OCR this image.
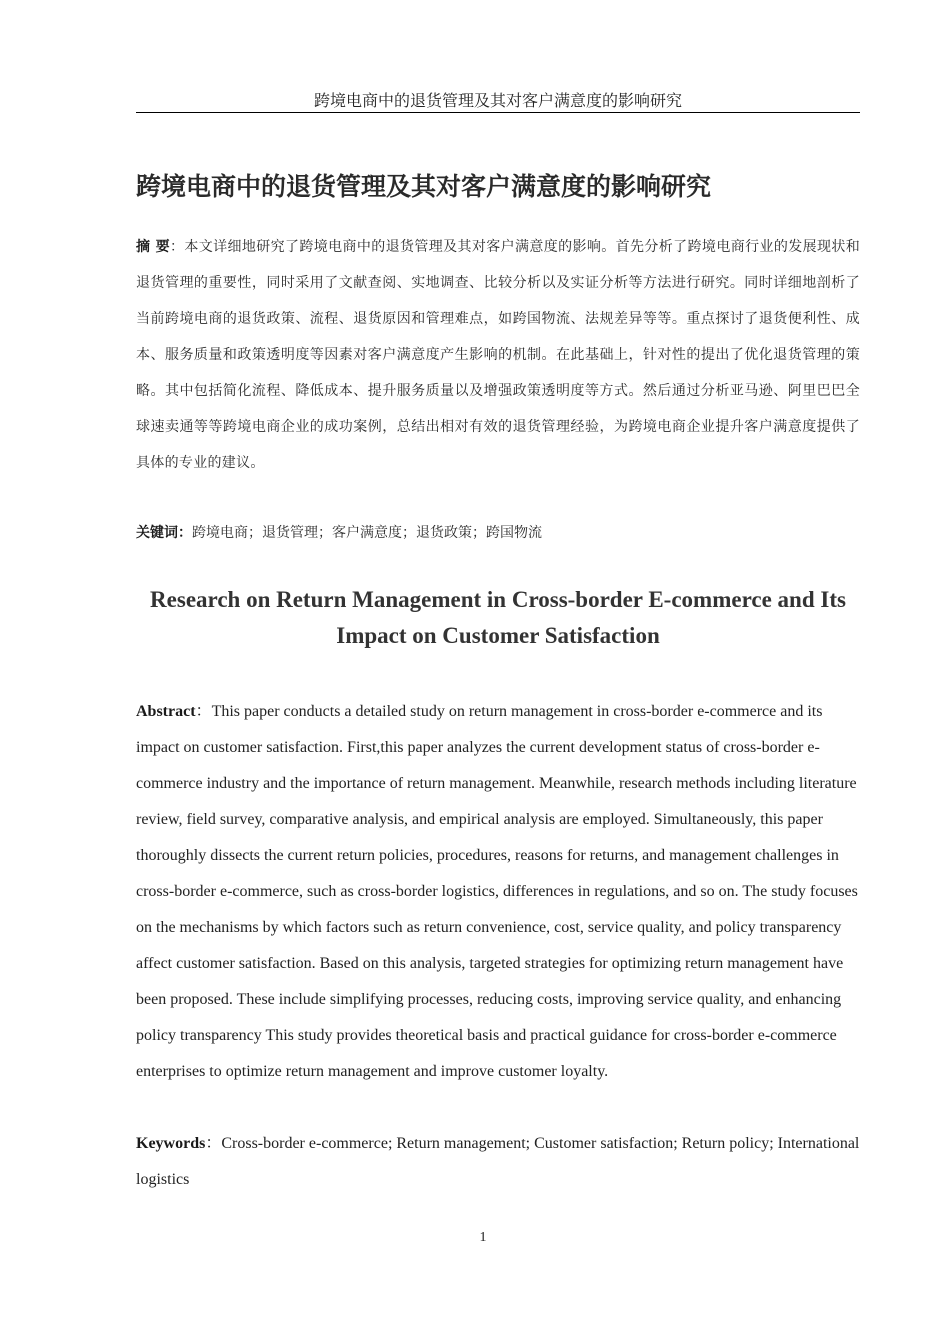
跨境电商中的退货管理及其对客户满意度的影响研究
跨境电商中的退货管理及其对客户满意度的影响研究

摘 要：本文详细地研究了跨境电商中的退货管理及其对客户满意度的影响。首先分析了跨境电商行业的发展现状和退货管理的重要性，同时采用了文献查阅、实地调查、比较分析以及实证分析等方法进行研究。同时详细地剖析了当前跨境电商的退货政策、流程、退货原因和管理难点，如跨国物流、法规差异等等。重点探讨了退货便利性、成本、服务质量和政策透明度等因素对客户满意度产生影响的机制。在此基础上，针对性的提出了优化退货管理的策略。其中包括简化流程、降低成本、提升服务质量以及增强政策透明度等方式。然后通过分析亚马逊、阿里巴巴全球速卖通等等跨境电商企业的成功案例，总结出相对有效的退货管理经验，为跨境电商企业提升客户满意度提供了具体的专业的建议。

关键词：跨境电商；退货管理；客户满意度；退货政策；跨国物流

Research on Return Management in Cross-border E-commerce and Its Impact on Customer Satisfaction

Abstract：This paper conducts a detailed study on return management in cross-border e-commerce and its impact on customer satisfaction. First,this paper analyzes the current development status of cross-border e-commerce industry and the importance of return management. Meanwhile, research methods including literature review, field survey, comparative analysis, and empirical analysis are employed. Simultaneously, this paper thoroughly dissects the current return policies, procedures, reasons for returns, and management challenges in cross-border e-commerce, such as cross-border logistics, differences in regulations, and so on. The study focuses on the mechanisms by which factors such as return convenience, cost, service quality, and policy transparency affect customer satisfaction. Based on this analysis, targeted strategies for optimizing return management have been proposed. These include simplifying processes, reducing costs, improving service quality, and enhancing policy transparency This study provides theoretical basis and practical guidance for cross-border e-commerce enterprises to optimize return management and improve customer loyalty.

Keywords：Cross-border e-commerce; Return management; Customer satisfaction; Return policy; International logistics

1
